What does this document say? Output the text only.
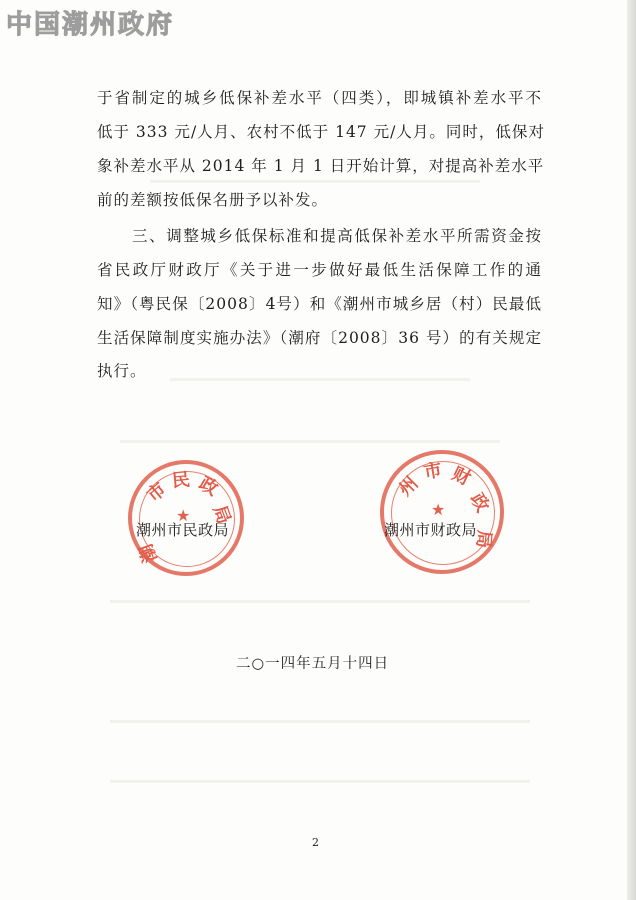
中国潮州政府
于省制定的城乡低保补差水平（四类），即城镇补差水平不
低于 333 元/人月、农村不低于 147 元/人月。同时，低保对
象补差水平从 2014 年 1 月 1 日开始计算，对提高补差水平
前的差额按低保名册予以补发。
三、调整城乡低保标准和提高低保补差水平所需资金按
省民政厅财政厅《关于进一步做好最低生活保障工作的通
知》（粤民保〔2008〕4号）和《潮州市城乡居（村）民最低
生活保障制度实施办法》（潮府〔2008〕36 号）的有关规定
执行。
★
市 民 政
局
潮
★
州
市 财
政
局
潮州市民政局	潮州市财政局
二○一四年五月十四日
2
